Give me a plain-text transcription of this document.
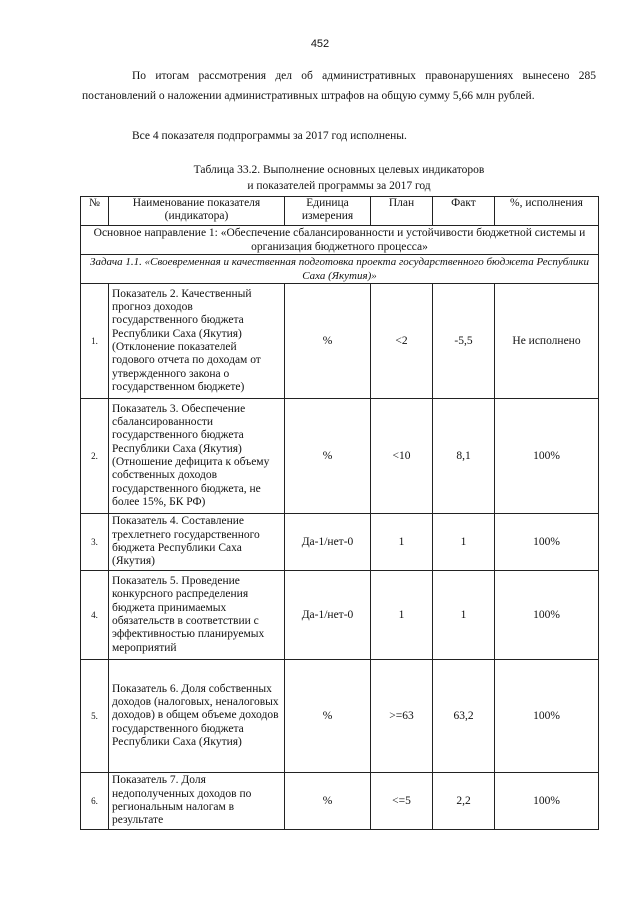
452

По итогам рассмотрения дел об административных правонарушениях вынесено 285 постановлений о наложении административных штрафов на общую сумму 5,66 млн рублей.

Все 4 показателя подпрограммы за 2017 год исполнены.

Таблица 33.2. Выполнение основных целевых индикаторов
и показателей программы за 2017 год
№	Наименование показателя (индикатора)	Единица измерения	План	Факт	%, исполнения
Основное направление 1: «Обеспечение сбалансированности и устойчивости бюджетной системы и организация бюджетного процесса»					
Задача 1.1. «Своевременная и качественная подготовка проекта государственного бюджета Республики Саха (Якутия)»					
1.	Показатель 2. Качественный прогноз доходов государственного бюджета Республики Саха (Якутия) (Отклонение показателей годового отчета по доходам от утвержденного закона о государственном бюджете)	%	<2	-5,5	Не исполнено
2.	Показатель 3. Обеспечение сбалансированности государственного бюджета Республики Саха (Якутия) (Отношение дефицита к объему собственных доходов государственного бюджета, не более 15%, БК РФ)	%	<10	8,1	100%
3.	Показатель 4. Составление трехлетнего государственного бюджета Республики Саха (Якутия)	Да-1/нет-0	1	1	100%
4.	Показатель 5. Проведение конкурсного распределения бюджета принимаемых обязательств в соответствии с эффективностью планируемых мероприятий	Да-1/нет-0	1	1	100%
5.	Показатель 6. Доля собственных доходов (налоговых, неналоговых доходов) в общем объеме доходов государственного бюджета Республики Саха (Якутия)	%	>=63	63,2	100%
6.	Показатель 7. Доля недополученных доходов по региональным налогам в результате	%	<=5	2,2	100%
